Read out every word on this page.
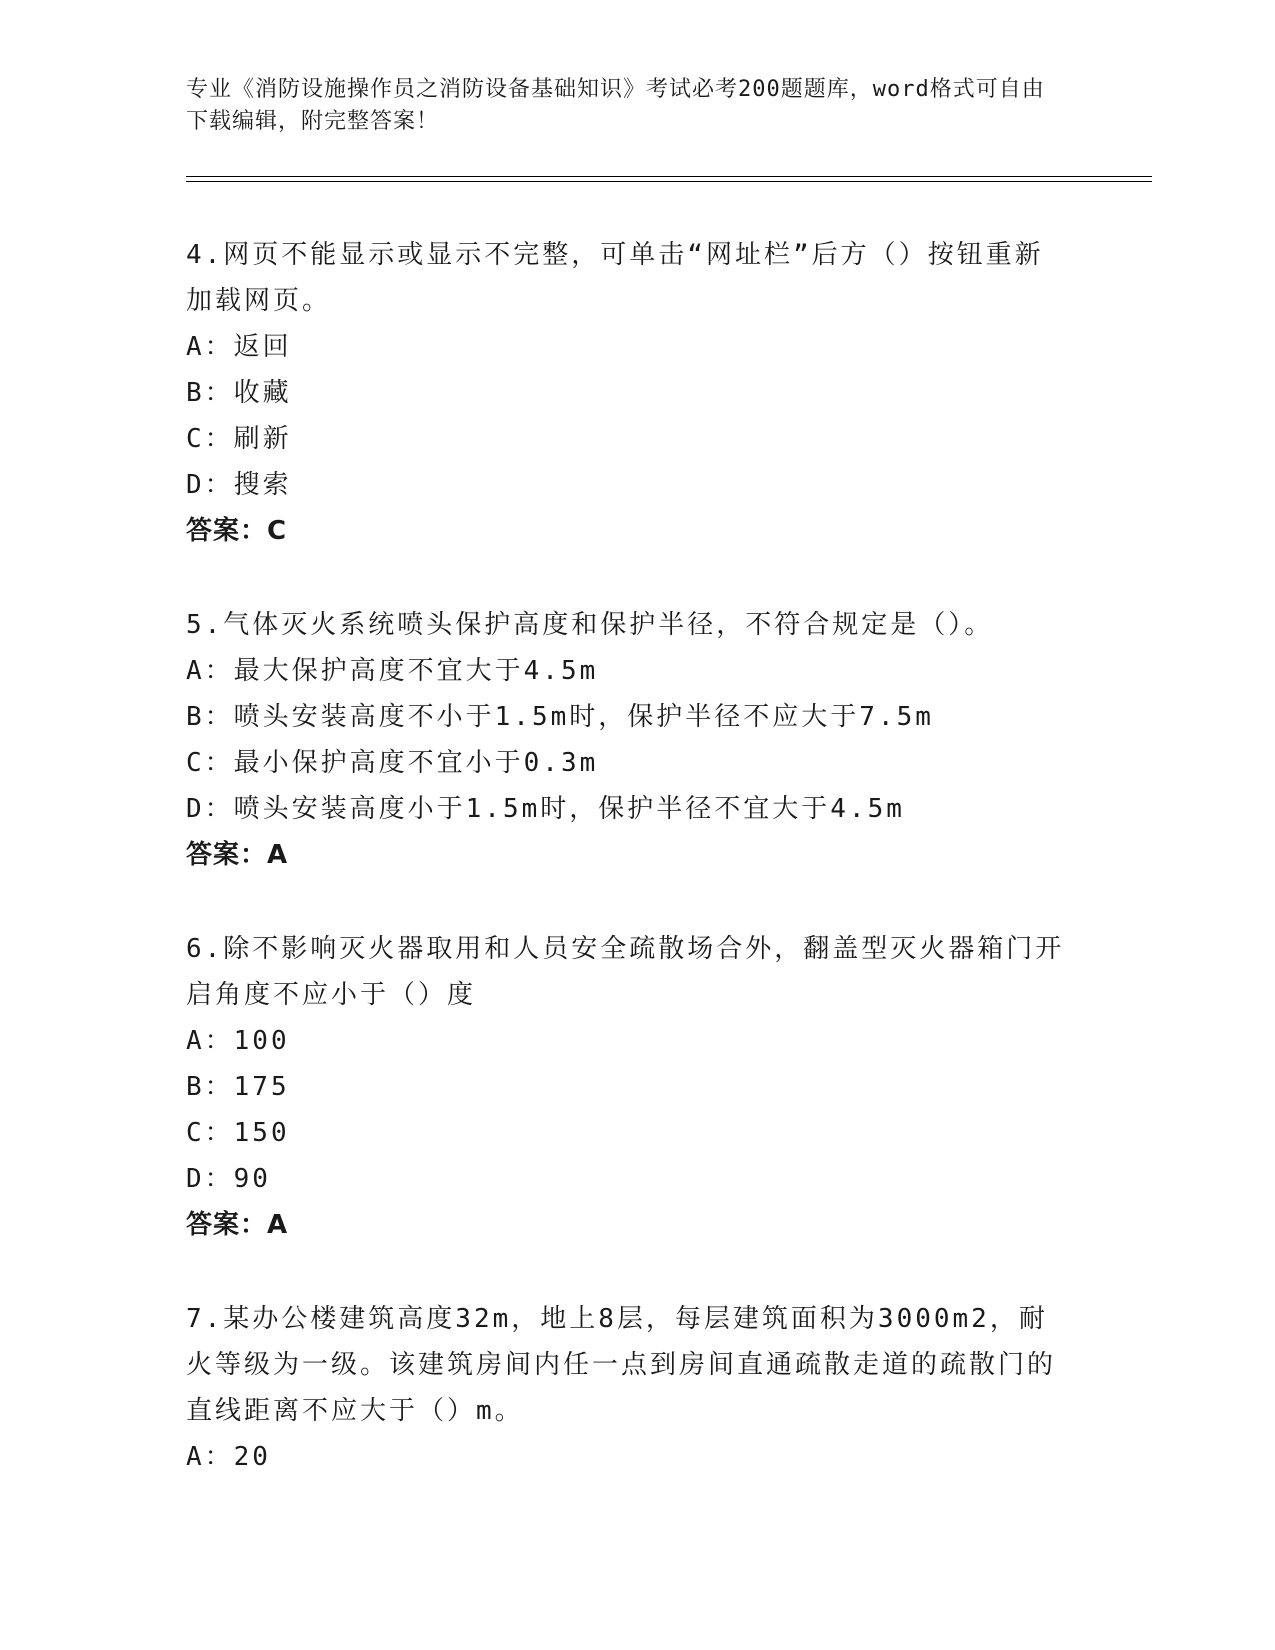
专业《消防设施操作员之消防设备基础知识》考试必考200题题库，word格式可自由下载编辑，附完整答案！

4.网页不能显示或显示不完整，可单击“网址栏”后方（）按钮重新加载网页。

A：返回

B：收藏

C：刷新

D：搜索

答案：C

5.气体灭火系统喷头保护高度和保护半径，不符合规定是（）。

A：最大保护高度不宜大于4.5m

B：喷头安装高度不小于1.5m时，保护半径不应大于7.5m

C：最小保护高度不宜小于0.3m

D：喷头安装高度小于1.5m时，保护半径不宜大于4.5m

答案：A

6.除不影响灭火器取用和人员安全疏散场合外，翻盖型灭火器箱门开启角度不应小于（）度

A：100

B：175

C：150

D：90

答案：A

7.某办公楼建筑高度32m，地上8层，每层建筑面积为3000m2，耐火等级为一级。该建筑房间内任一点到房间直通疏散走道的疏散门的直线距离不应大于（）m。

A：20
